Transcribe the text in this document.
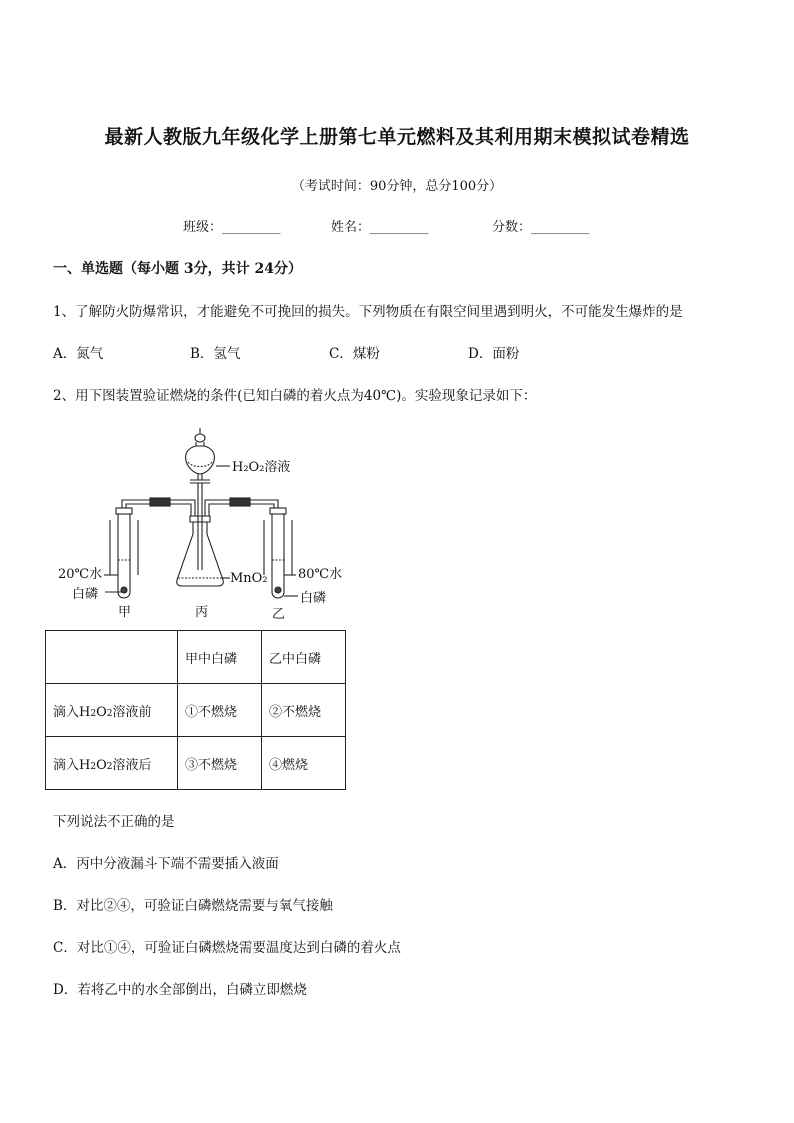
最新人教版九年级化学上册第七单元燃料及其利用期末模拟试卷精选
（考试时间：90分钟，总分100分）
班级：_________	姓名：_________	分数：_________
一、单选题（每小题 3分，共计 24分）
1、了解防火防爆常识，才能避免不可挽回的损失。下列物质在有限空间里遇到明火，不可能发生爆炸的是
A．氮气	B．氢气	C．煤粉	D．面粉
2、用下图装置验证燃烧的条件(已知白磷的着火点为40℃)。实验现象记录如下：
H₂O₂溶液
20℃水
白磷
MnO₂ 80℃水
白磷
甲	丙	乙
	甲中白磷	乙中白磷
滴入H2O2溶液前	①不燃烧	②不燃烧
滴入H2O2溶液后	③不燃烧	④燃烧
下列说法不正确的是
A．丙中分液漏斗下端不需要插入液面
B．对比②④，可验证白磷燃烧需要与氧气接触
C．对比①④，可验证白磷燃烧需要温度达到白磷的着火点
D．若将乙中的水全部倒出，白磷立即燃烧
